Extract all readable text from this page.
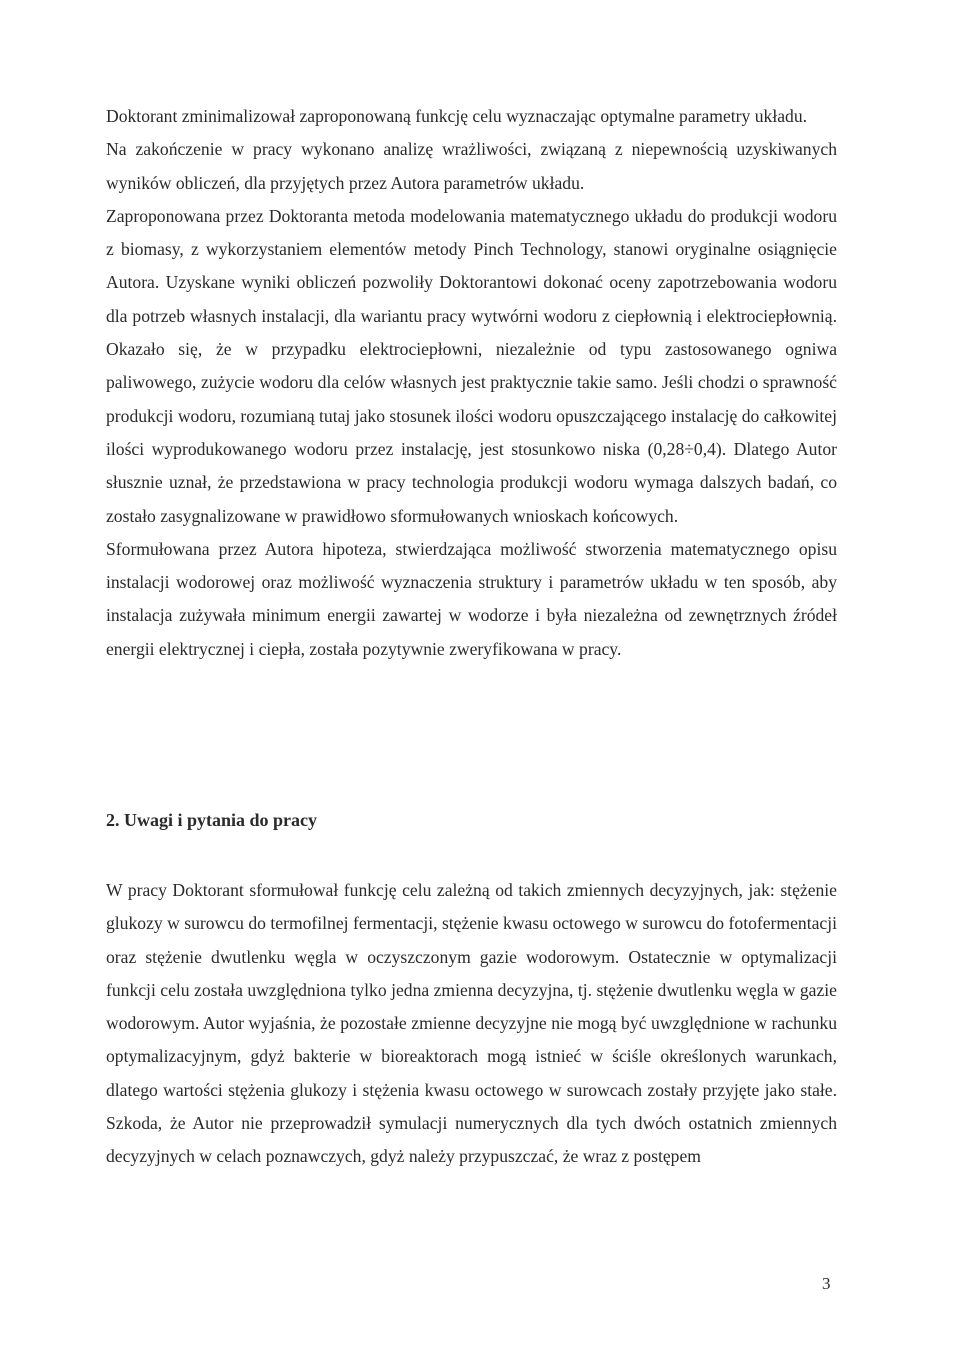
Doktorant zminimalizował zaproponowaną funkcję celu wyznaczając optymalne parametry układu.

Na zakończenie w pracy wykonano analizę wrażliwości, związaną z niepewnością uzyskiwanych wyników obliczeń, dla przyjętych przez Autora parametrów układu.

Zaproponowana przez Doktoranta metoda modelowania matematycznego układu do produkcji wodoru z biomasy, z wykorzystaniem elementów metody Pinch Technology, stanowi oryginalne osiągnięcie Autora. Uzyskane wyniki obliczeń pozwoliły Doktorantowi dokonać oceny zapotrzebowania wodoru dla potrzeb własnych instalacji, dla wariantu pracy wytwórni wodoru z ciepłownią i elektrociepłownią. Okazało się, że w przypadku elektrociepłowni, niezależnie od typu zastosowanego ogniwa paliwowego, zużycie wodoru dla celów własnych jest praktycznie takie samo. Jeśli chodzi o sprawność produkcji wodoru, rozumianą tutaj jako stosunek ilości wodoru opuszczającego instalację do całkowitej ilości wyprodukowanego wodoru przez instalację, jest stosunkowo niska (0,28÷0,4). Dlatego Autor słusznie uznał, że przedstawiona w pracy technologia produkcji wodoru wymaga dalszych badań, co zostało zasygnalizowane w prawidłowo sformułowanych wnioskach końcowych.

Sformułowana przez Autora hipoteza, stwierdzająca możliwość stworzenia matematycznego opisu instalacji wodorowej oraz możliwość wyznaczenia struktury i parametrów układu w ten sposób, aby instalacja zużywała minimum energii zawartej w wodorze i była niezależna od zewnętrznych źródeł energii elektrycznej i ciepła, została pozytywnie zweryfikowana w pracy.

2. Uwagi i pytania do pracy

W pracy Doktorant sformułował funkcję celu zależną od takich zmiennych decyzyjnych, jak: stężenie glukozy w surowcu do termofilnej fermentacji, stężenie kwasu octowego w surowcu do fotofermentacji oraz stężenie dwutlenku węgla w oczyszczonym gazie wodorowym. Ostatecznie w optymalizacji funkcji celu została uwzględniona tylko jedna zmienna decyzyjna, tj. stężenie dwutlenku węgla w gazie wodorowym. Autor wyjaśnia, że pozostałe zmienne decyzyjne nie mogą być uwzględnione w rachunku optymalizacyjnym, gdyż bakterie w bioreaktorach mogą istnieć w ściśle określonych warunkach, dlatego wartości stężenia glukozy i stężenia kwasu octowego w surowcach zostały przyjęte jako stałe. Szkoda, że Autor nie przeprowadził symulacji numerycznych dla tych dwóch ostatnich zmiennych decyzyjnych w celach poznawczych, gdyż należy przypuszczać, że wraz z postępem

3
